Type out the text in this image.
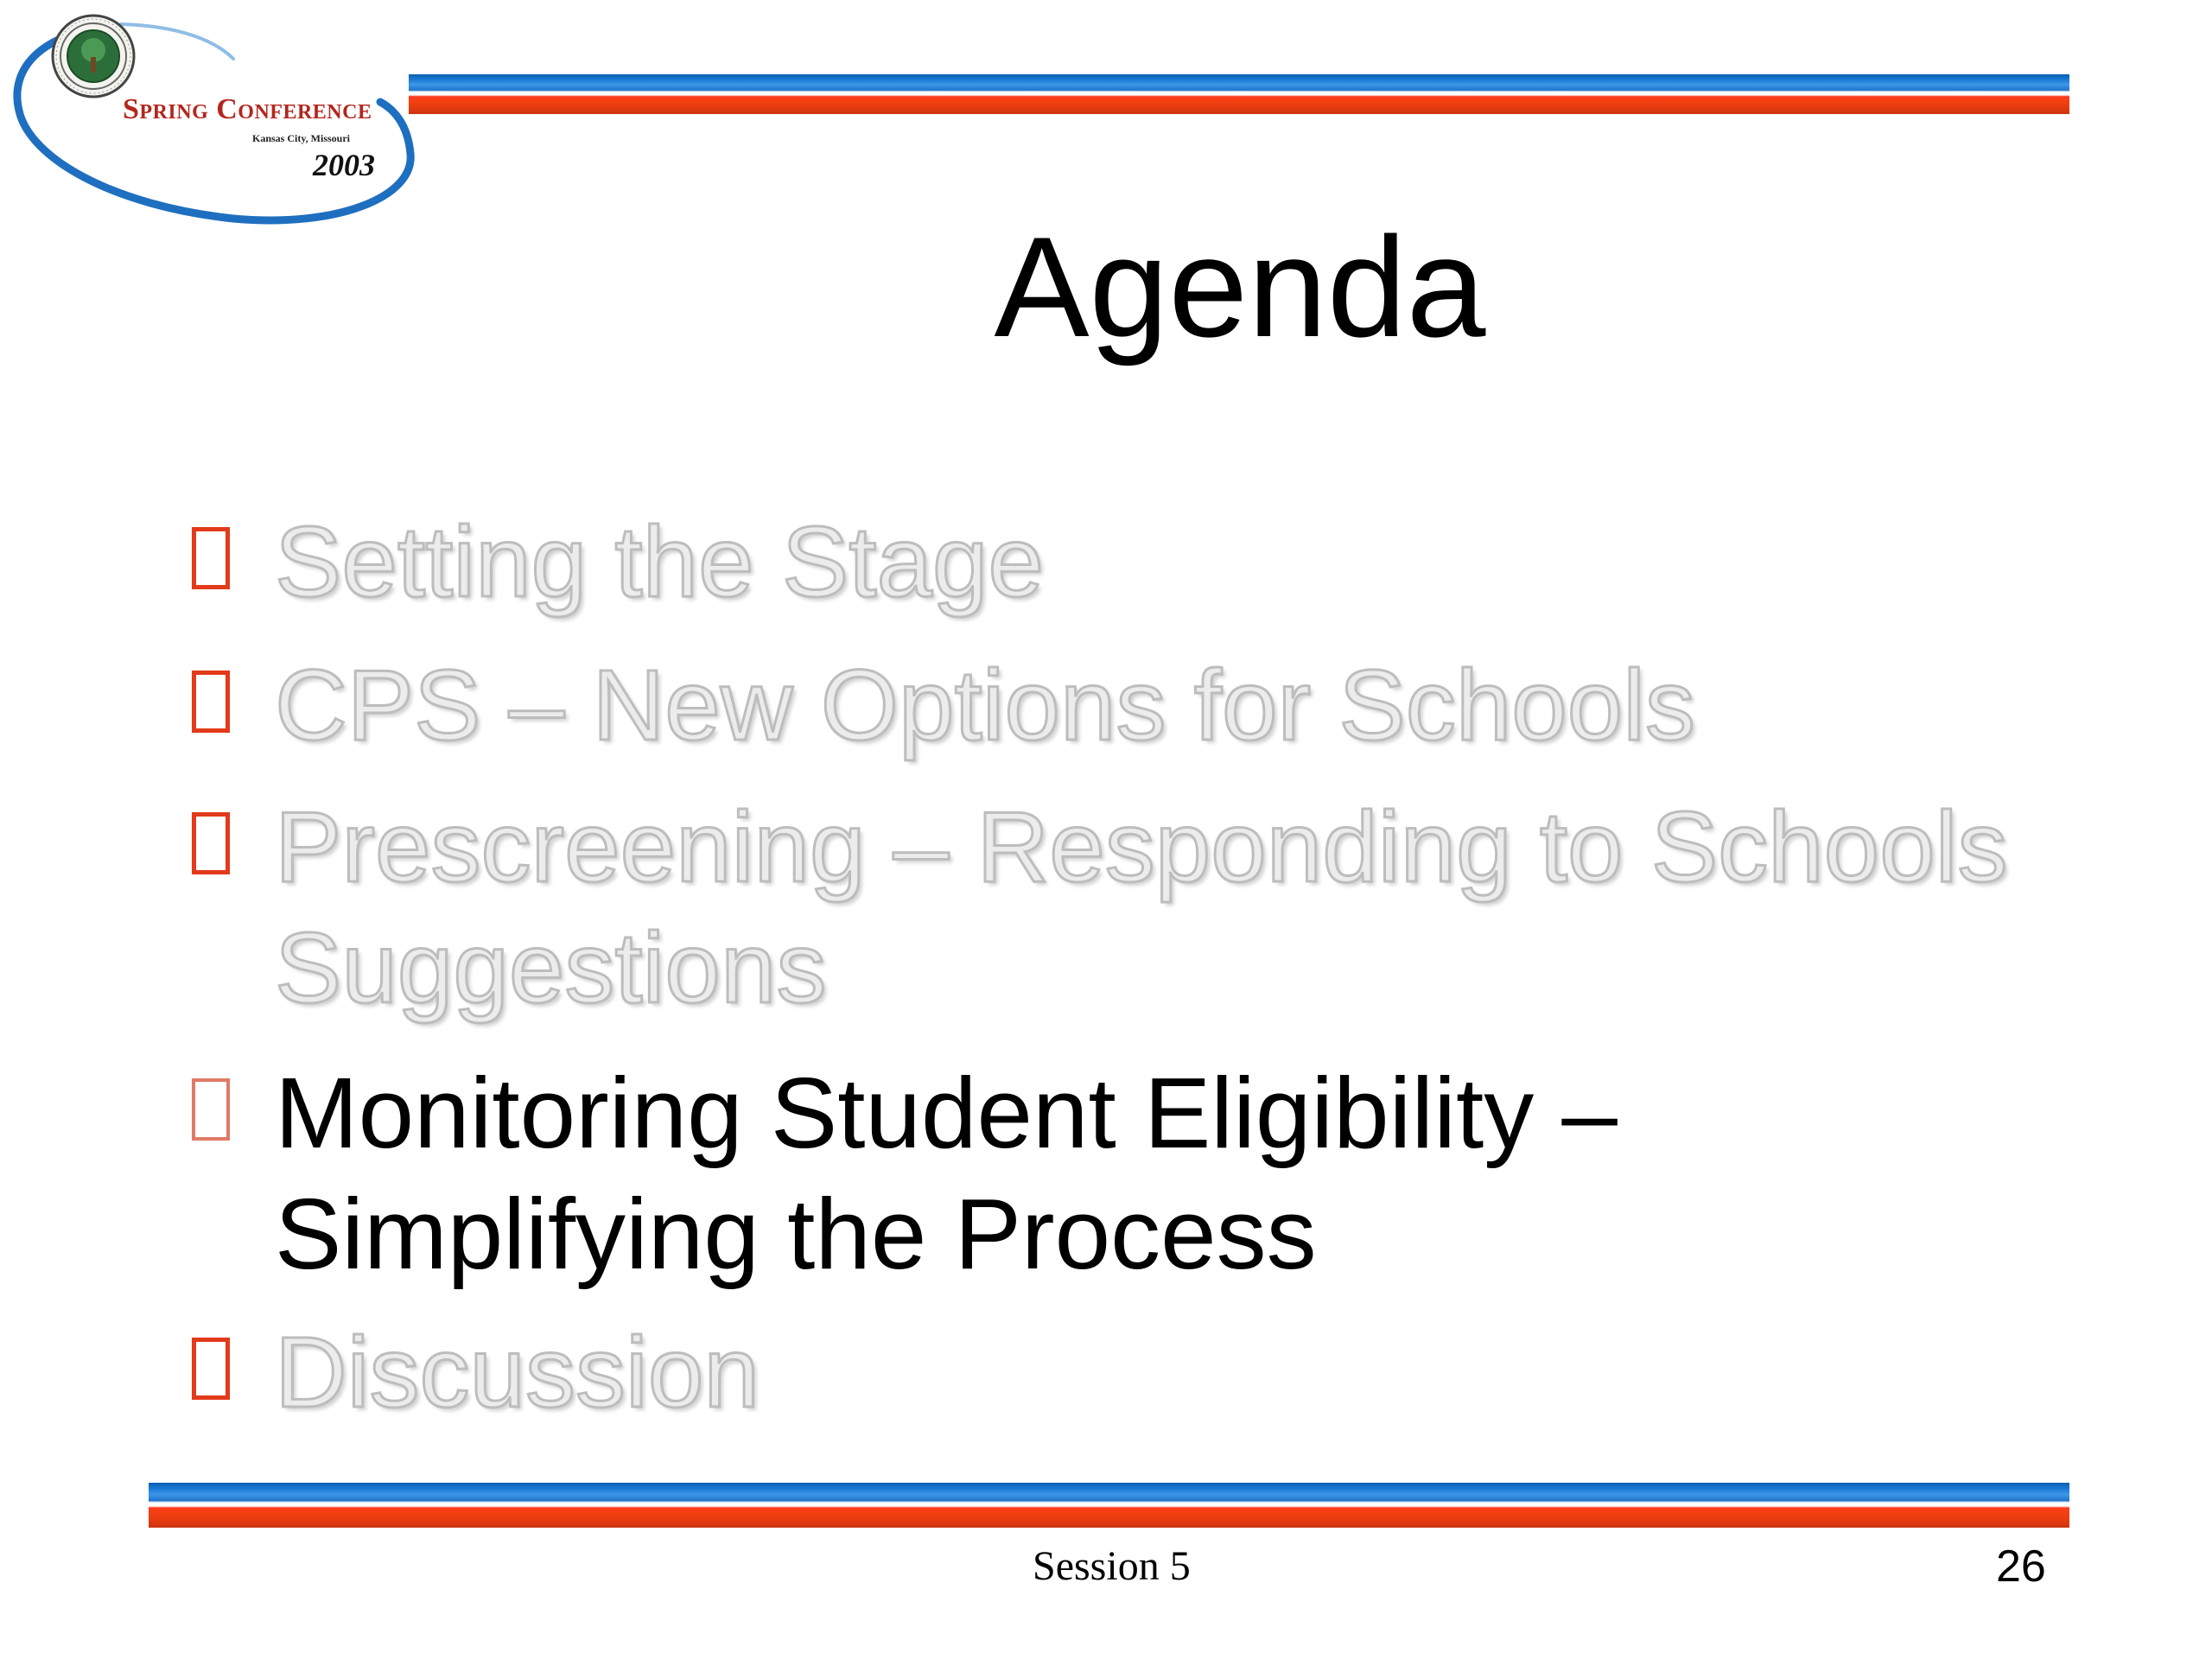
Spring Conference
Kansas City, Missouri
2003
Agenda
Setting the Stage
CPS – New Options for Schools
Prescreening – Responding to Schools
Suggestions
Monitoring Student Eligibility –
Simplifying the Process
Discussion
Session 5	26
